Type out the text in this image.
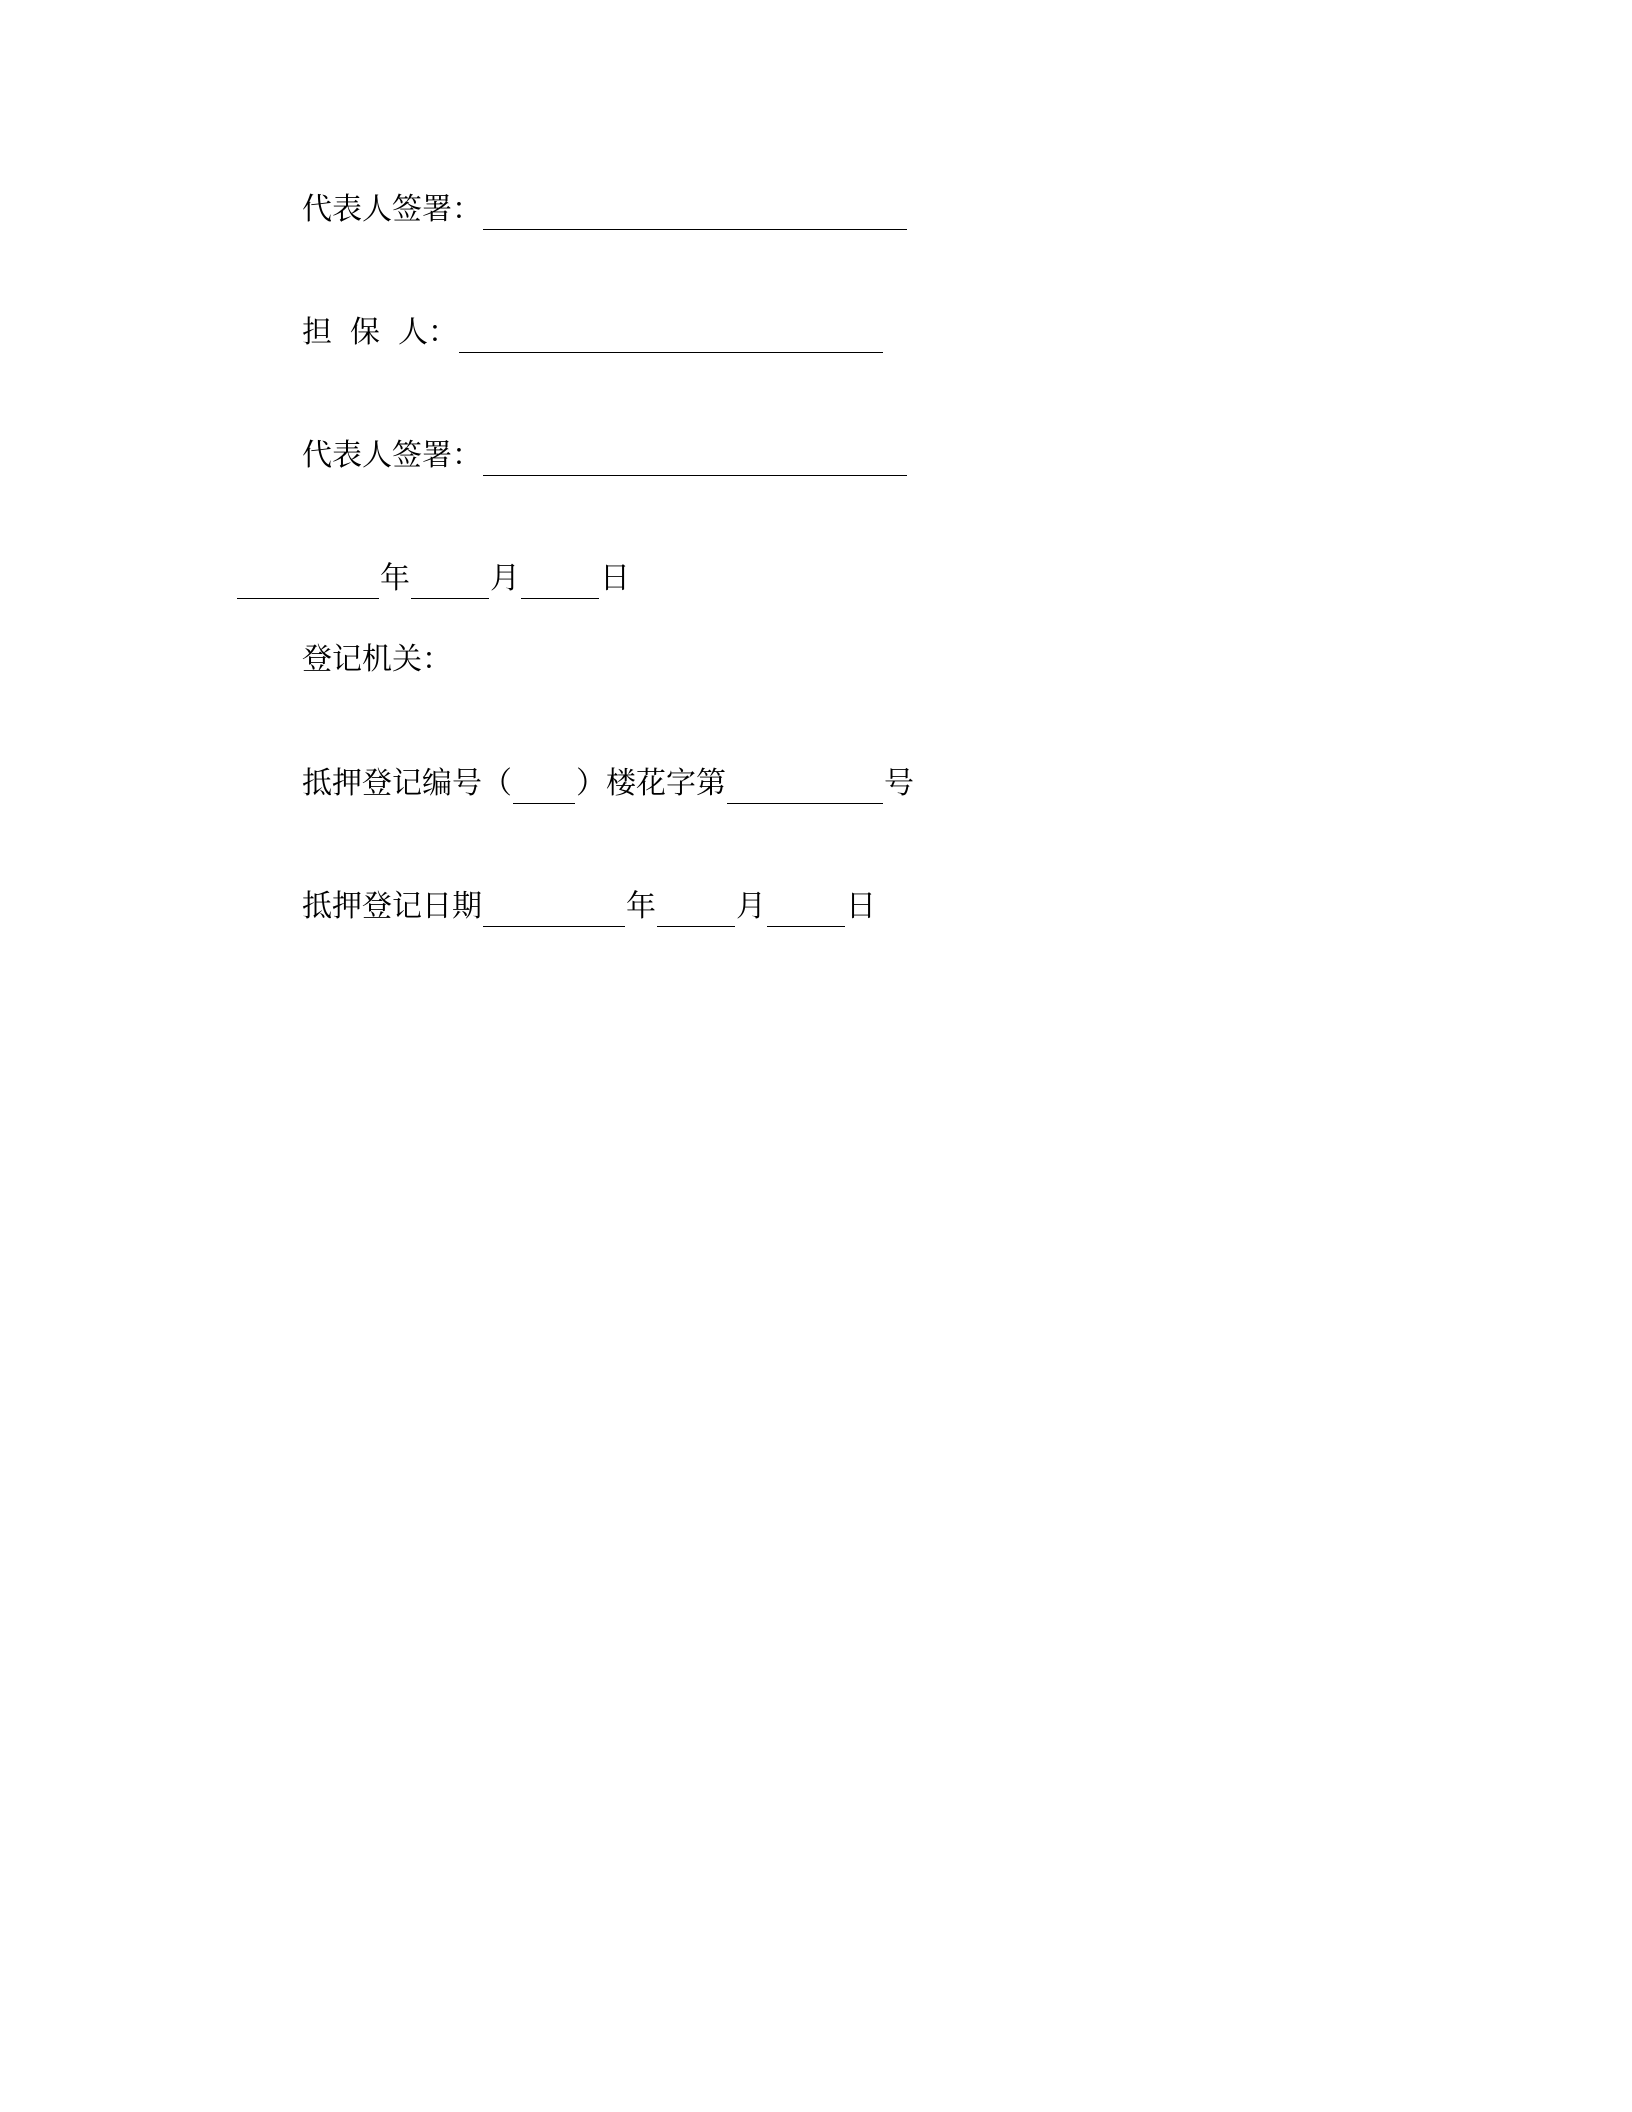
代表人签署：
担 保 人 ：
代表人签署：
年	月	日
登记机关：
抵押登记编号（ ）楼花字第	号
抵押登记日期	年	月	日
